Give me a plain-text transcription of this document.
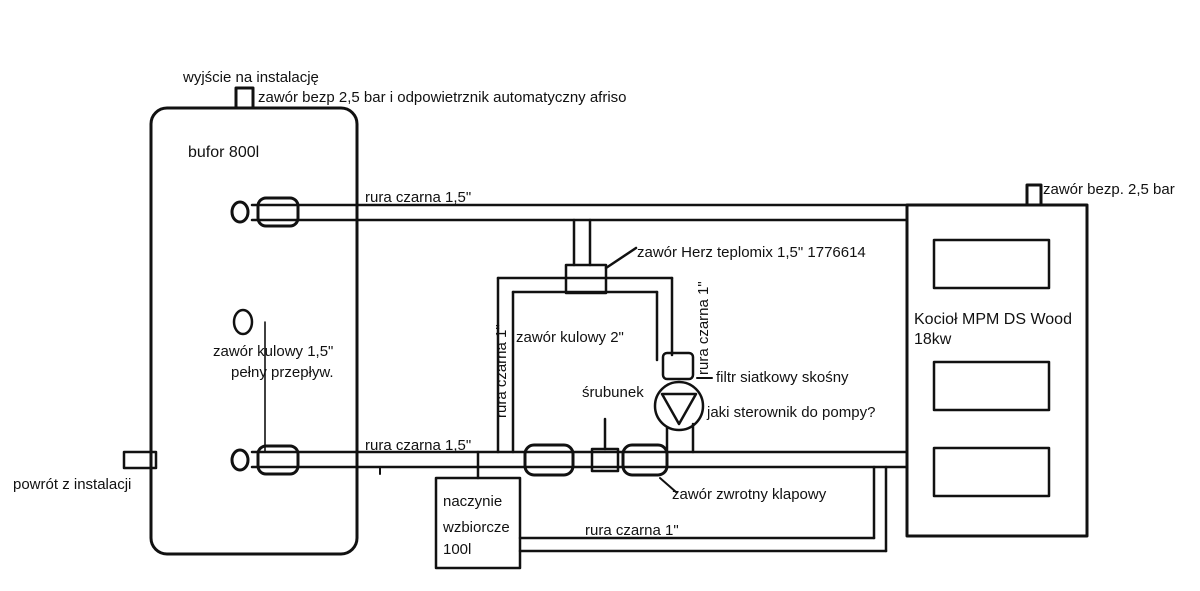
wyjście na instalację
zawór bezp 2,5 bar i odpowietrznik automatyczny afriso
bufor 800l
rura czarna 1,5"	zawór bezp. 2,5 bar
zawór Herz teplomix 1,5" 1776614
Kocioł MPM DS Wood
18kw
zawór kulowy 1,5"
pełny przepływ.
zawór kulowy 2"
rura czarna 1"	rura czarna 1"
filtr siatkowy skośny
śrubunek
jaki sterownik do pompy?
rura czarna 1,5"
powrót z instalacji
zawór zwrotny klapowy
naczynie
wzbiorcze
100l
rura czarna 1"
